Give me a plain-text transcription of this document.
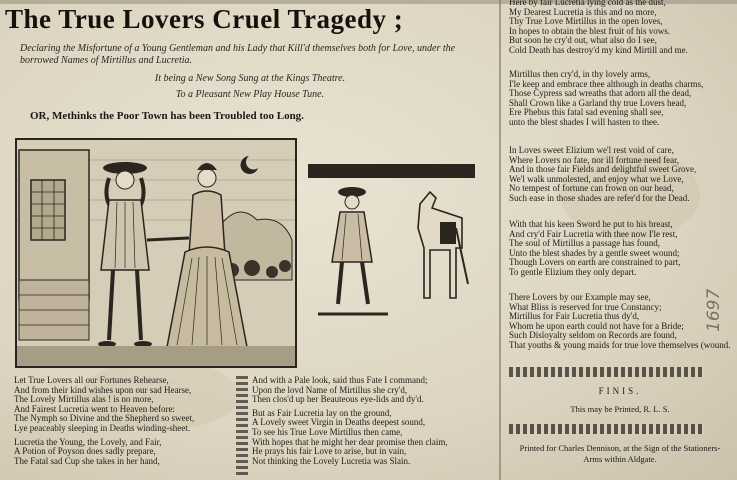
The True Lovers Cruel Tragedy ;
Declaring the Misfortune of a Young Gentleman and his Lady that Kill'd themselves both for Love, under the borrowed Names of Mirtillus and Lucretia.
It being a New Song Sung at the Kings Theatre.
To a Pleasant New Play House Tune.
OR, Methinks the Poor Town has been Troubled too Long.
Let True Lovers all our Fortunes Rehearse,
And from their kind wishes upon our sad Hearse,
The Lovely Mirtillus alas ! is no more,
And Fairest Lucretia went to Heaven before:
The Nymph so Divine and the Shepherd so sweet,
Lye peaceably sleeping in Deaths winding-sheet.
Lucretia the Young, the Lovely, and Fair,
A Potion of Poyson does sadly prepare,
The Fatal sad Cup she takes in her hand,
And with a Pale look, said thus Fate I command;
Upon the lovd Name of Mirtillus she cry'd,
Then clos'd up her Beauteous eye-lids and dy'd.
But as Fair Lucretia lay on the ground,
A Lovely sweet Virgin in Deaths deepest sound,
To see his True Love Mirtillus then came,
With hopes that he might her dear promise then claim,
He prays his fair Love to arise, but in vain,
Not thinking the Lovely Lucretia was Slain.
Here by fair Lucretia lying cold as the dust,
My Dearest Lucretia is this and no more,
Thy True Love Mirtillus in the open loves,
In hopes to obtain the blest fruit of his vows.
But soon he cry'd out, what also do I see,
Cold Death has destroy'd my kind Mirtill and me.
Mirtillus then cry'd, in thy lovely arms,
I'le keep and embrace thee although in deaths charms,
Those Cypress sad wreaths that adorn all the dead,
Shall Crown like a Garland thy true Lovers head,
Ere Phebus this fatal sad evening shall see,
unto the blest shades I will hasten to thee.
In Loves sweet Elizium we'l rest void of care,
Where Lovers no fate, nor ill fortune need fear,
And in those fair Fields and delightful sweet Grove,
We'l walk unmolested, and enjoy what we Love,
No tempest of fortune can frown on our head,
Such ease in those shades are refer'd for the Dead.
With that his keen Sword he put to his breast,
And cry'd Fair Lucretia with thee now I'le rest,
The soul of Mirtillus a passage has found,
Unto the blest shades by a gentle sweet wound;
Though Lovers on earth are constrained to part,
To gentle Elizium they only depart.
There Lovers by our Example may see,
What Bliss is reserved for true Constancy;
Mirtillus for Fair Lucretia thus dy'd,
Whom he upon earth could not have for a Bride;
Such Disloyalty seldom on Records are found,
That youths & young maids for true love themselves (wound.
1697
FINIS.
This may be Printed, R. L. S.
Printed for Charles Dennison, at the Sign of the Stationers-
Arms within Aldgate.
